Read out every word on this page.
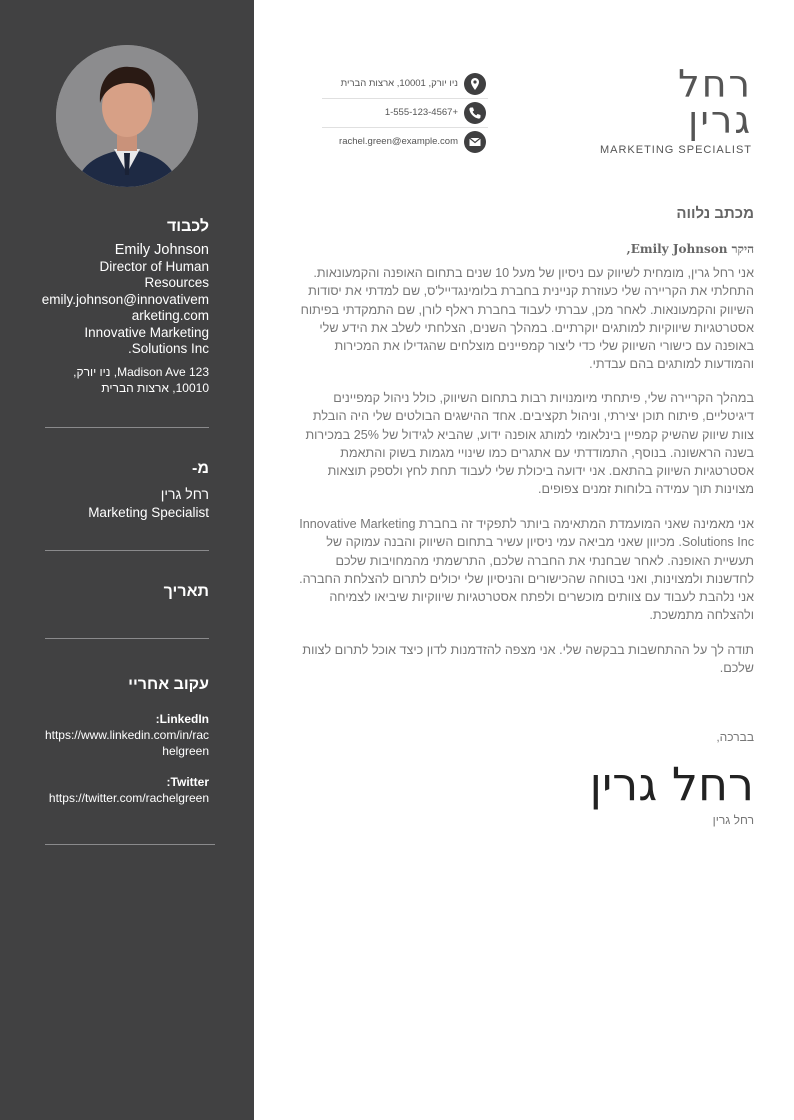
לכבוד
Emily Johnson
Director of Human Resources
emily.johnson@innovativemarketing.com
Innovative Marketing Solutions Inc.
123 Madison Ave, ניו יורק, 10010, ארצות הברית
מ-
רחל גרין
Marketing Specialist
תאריך
עקוב אחריי
LinkedIn:
https://www.linkedin.com/in/rachelgreen
Twitter:
https://twitter.com/rachelgreen
רחל
גרין
MARKETING SPECIALIST
ניו יורק, 10001, ארצות הברית
+1-555-123-4567
rachel.green@example.com
מכתב נלווה
היקר Emily Johnson,
אני רחל גרין, מומחית לשיווק עם ניסיון של מעל 10 שנים בתחום האופנה והקמעונאות. התחלתי את הקריירה שלי כעוזרת קניינית בחברת בלומינגדייל'ס, שם למדתי את יסודות השיווק והקמעונאות. לאחר מכן, עברתי לעבוד בחברת ראלף לורן, שם התמקדתי בפיתוח אסטרטגיות שיווקיות למותגים יוקרתיים. במהלך השנים, הצלחתי לשלב את הידע שלי באופנה עם כישורי השיווק שלי כדי ליצור קמפיינים מוצלחים שהגדילו את המכירות והמודעות למותגים בהם עבדתי.
במהלך הקריירה שלי, פיתחתי מיומנויות רבות בתחום השיווק, כולל ניהול קמפיינים דיגיטליים, פיתוח תוכן יצירתי, וניהול תקציבים. אחד ההישגים הבולטים שלי היה הובלת צוות שיווק שהשיק קמפיין בינלאומי למותג אופנה ידוע, שהביא לגידול של 25% במכירות בשנה הראשונה. בנוסף, התמודדתי עם אתגרים כמו שינויי מגמות בשוק והתאמת אסטרטגיות השיווק בהתאם. אני ידועה ביכולת שלי לעבוד תחת לחץ ולספק תוצאות מצוינות תוך עמידה בלוחות זמנים צפופים.
אני מאמינה שאני המועמדת המתאימה ביותר לתפקיד זה בחברת Innovative Marketing Solutions Inc. מכיוון שאני מביאה עמי ניסיון עשיר בתחום השיווק והבנה עמוקה של תעשיית האופנה. לאחר שבחנתי את החברה שלכם, התרשמתי מהמחויבות שלכם לחדשנות ולמצוינות, ואני בטוחה שהכישורים והניסיון שלי יכולים לתרום להצלחת החברה. אני נלהבת לעבוד עם צוותים מוכשרים ולפתח אסטרטגיות שיווקיות שיביאו לצמיחה ולהצלחה מתמשכת.
תודה לך על ההתחשבות בבקשה שלי. אני מצפה להזדמנות לדון כיצד אוכל לתרום לצוות שלכם.
בברכה,
רחל גרין
רחל גרין
